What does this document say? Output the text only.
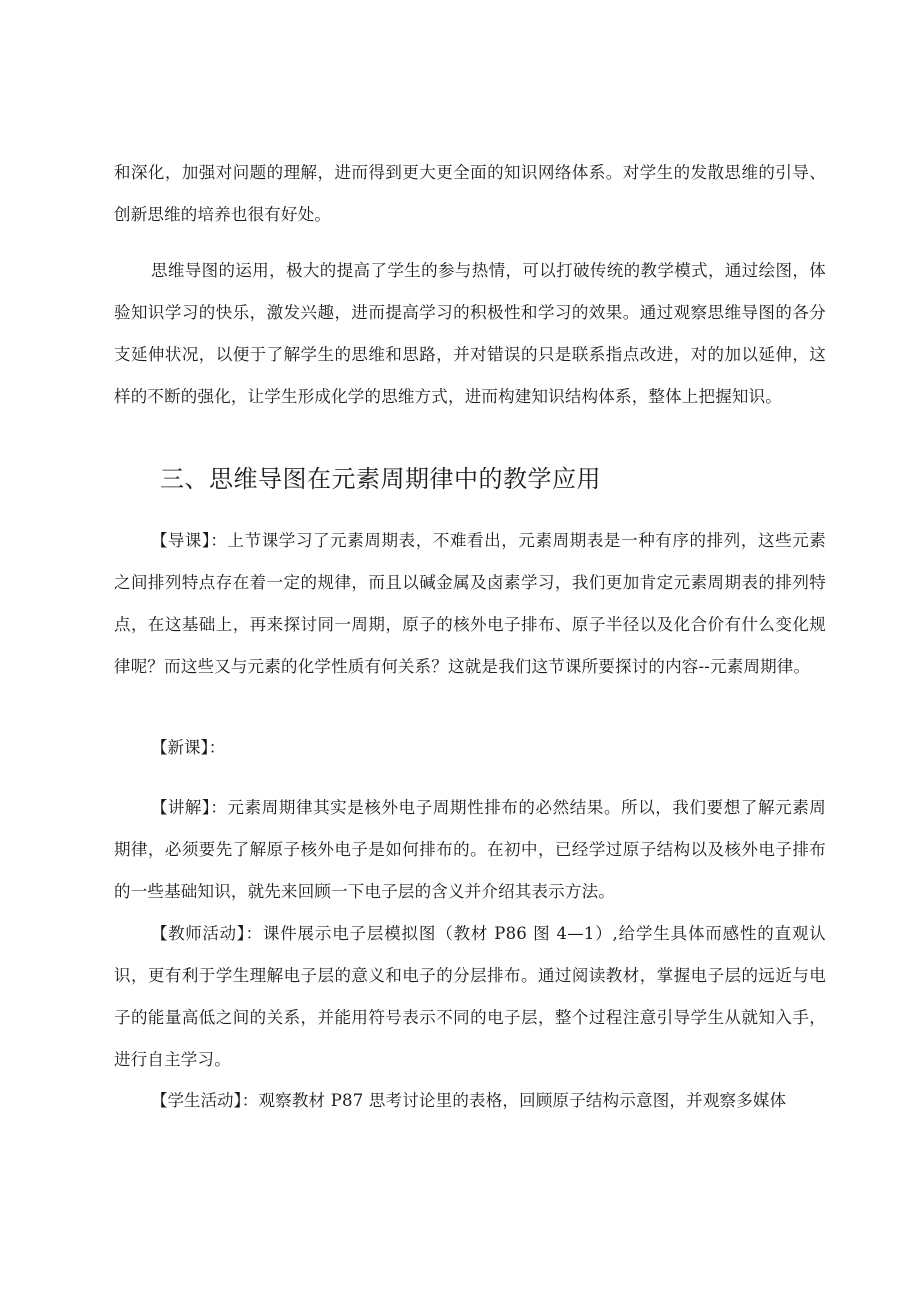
和深化，加强对问题的理解，进而得到更大更全面的知识网络体系。对学生的发散思维的引导、创新思维的培养也很有好处。

思维导图的运用，极大的提高了学生的参与热情，可以打破传统的教学模式，通过绘图，体验知识学习的快乐，激发兴趣，进而提高学习的积极性和学习的效果。通过观察思维导图的各分支延伸状况，以便于了解学生的思维和思路，并对错误的只是联系指点改进，对的加以延伸，这样的不断的强化，让学生形成化学的思维方式，进而构建知识结构体系，整体上把握知识。

三、思维导图在元素周期律中的教学应用

【导课】：上节课学习了元素周期表，不难看出，元素周期表是一种有序的排列，这些元素之间排列特点存在着一定的规律，而且以碱金属及卤素学习，我们更加肯定元素周期表的排列特点，在这基础上，再来探讨同一周期，原子的核外电子排布、原子半径以及化合价有什么变化规律呢？而这些又与元素的化学性质有何关系？这就是我们这节课所要探讨的内容--元素周期律。

【新课】：

【讲解】：元素周期律其实是核外电子周期性排布的必然结果。所以，我们要想了解元素周期律，必须要先了解原子核外电子是如何排布的。在初中，已经学过原子结构以及核外电子排布的一些基础知识，就先来回顾一下电子层的含义并介绍其表示方法。

【教师活动】：课件展示电子层模拟图（教材 P86 图 4—1）,给学生具体而感性的直观认识，更有利于学生理解电子层的意义和电子的分层排布。通过阅读教材，掌握电子层的远近与电子的能量高低之间的关系，并能用符号表示不同的电子层，整个过程注意引导学生从就知入手，进行自主学习。

【学生活动】：观察教材 P87 思考讨论里的表格，回顾原子结构示意图，并观察多媒体
